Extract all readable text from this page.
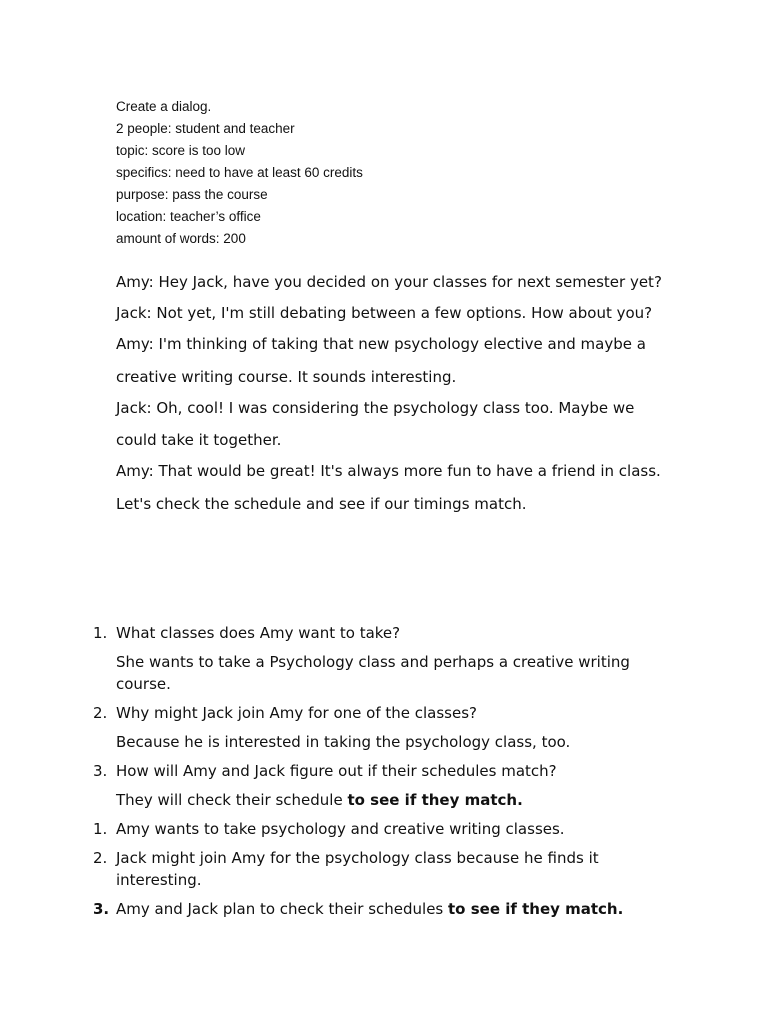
Create a dialog.
2 people: student and teacher
topic: score is too low
specifics: need to have at least 60 credits
purpose: pass the course
location: teacher’s office
amount of words: 200
Amy: Hey Jack, have you decided on your classes for next semester yet?
Jack: Not yet, I'm still debating between a few options. How about you?
Amy: I'm thinking of taking that new psychology elective and maybe a creative writing course. It sounds interesting.
Jack: Oh, cool! I was considering the psychology class too. Maybe we could take it together.
Amy: That would be great! It's always more fun to have a friend in class. Let's check the schedule and see if our timings match.
1. What classes does Amy want to take?
She wants to take a Psychology class and perhaps a creative writing course.
2. Why might Jack join Amy for one of the classes?
Because he is interested in taking the psychology class, too.
3. How will Amy and Jack figure out if their schedules match?
They will check their schedule to see if they match.
1. Amy wants to take psychology and creative writing classes.
2. Jack might join Amy for the psychology class because he finds it interesting.
3. Amy and Jack plan to check their schedules to see if they match.
